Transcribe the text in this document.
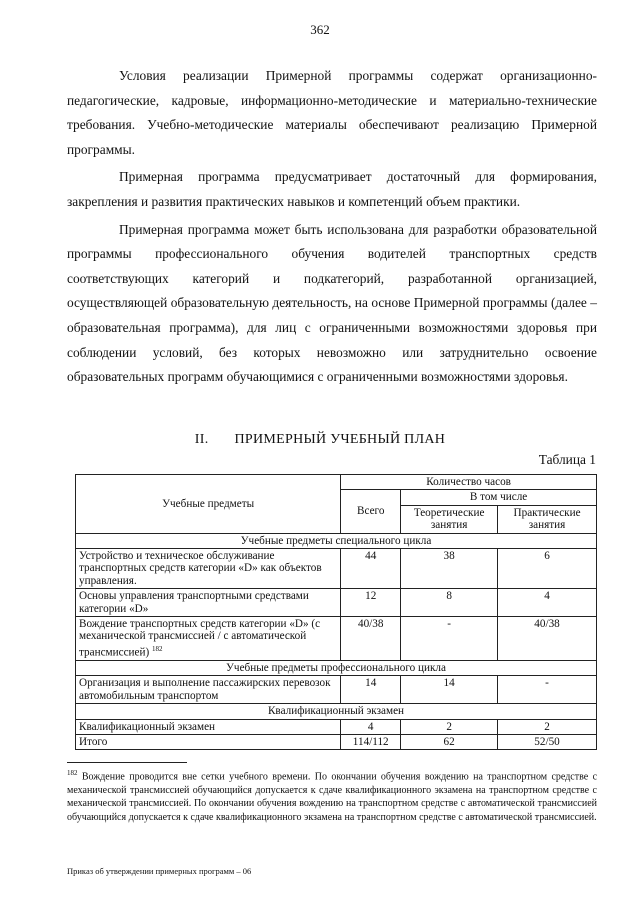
362

Условия реализации Примерной программы содержат организационно-педагогические, кадровые, информационно-методические и материально-технические требования. Учебно-методические материалы обеспечивают реализацию Примерной программы.

Примерная программа предусматривает достаточный для формирования, закрепления и развития практических навыков и компетенций объем практики.

Примерная программа может быть использована для разработки образовательной программы профессионального обучения водителей транспортных средств соответствующих категорий и подкатегорий, разработанной организацией, осуществляющей образовательную деятельность, на основе Примерной программы (далее – образовательная программа), для лиц с ограниченными возможностями здоровья при соблюдении условий, без которых невозможно или затруднительно освоение образовательных программ обучающимися с ограниченными возможностями здоровья.

II. ПРИМЕРНЫЙ УЧЕБНЫЙ ПЛАН
Таблица 1
Учебные предметы	Количество часов		
	Всего	В том числе	
		Теоретические занятия	Практические занятия
Учебные предметы специального цикла			
Устройство и техническое обслуживание транспортных средств категории «D» как объектов управления.	44	38	6
Основы управления транспортными средствами категории «D»	12	8	4
Вождение транспортных средств категории «D» (с механической трансмиссией / с автоматической трансмиссией) $^{182}$	40/38	-	40/38
Учебные предметы профессионального цикла			
Организация и выполнение пассажирских перевозок автомобильным транспортом	14	14	-
Квалификационный экзамен			
Квалификационный экзамен	4	2	2
Итого	114/112	62	52/50
$^{182}$ Вождение проводится вне сетки учебного времени. По окончании обучения вождению на транспортном средстве с механической трансмиссией обучающийся допускается к сдаче квалификационного экзамена на транспортном средстве с механической трансмиссией. По окончании обучения вождению на транспортном средстве с автоматической трансмиссией обучающийся допускается к сдаче квалификационного экзамена на транспортном средстве с автоматической трансмиссией.
Приказ об утверждении примерных программ – 06
